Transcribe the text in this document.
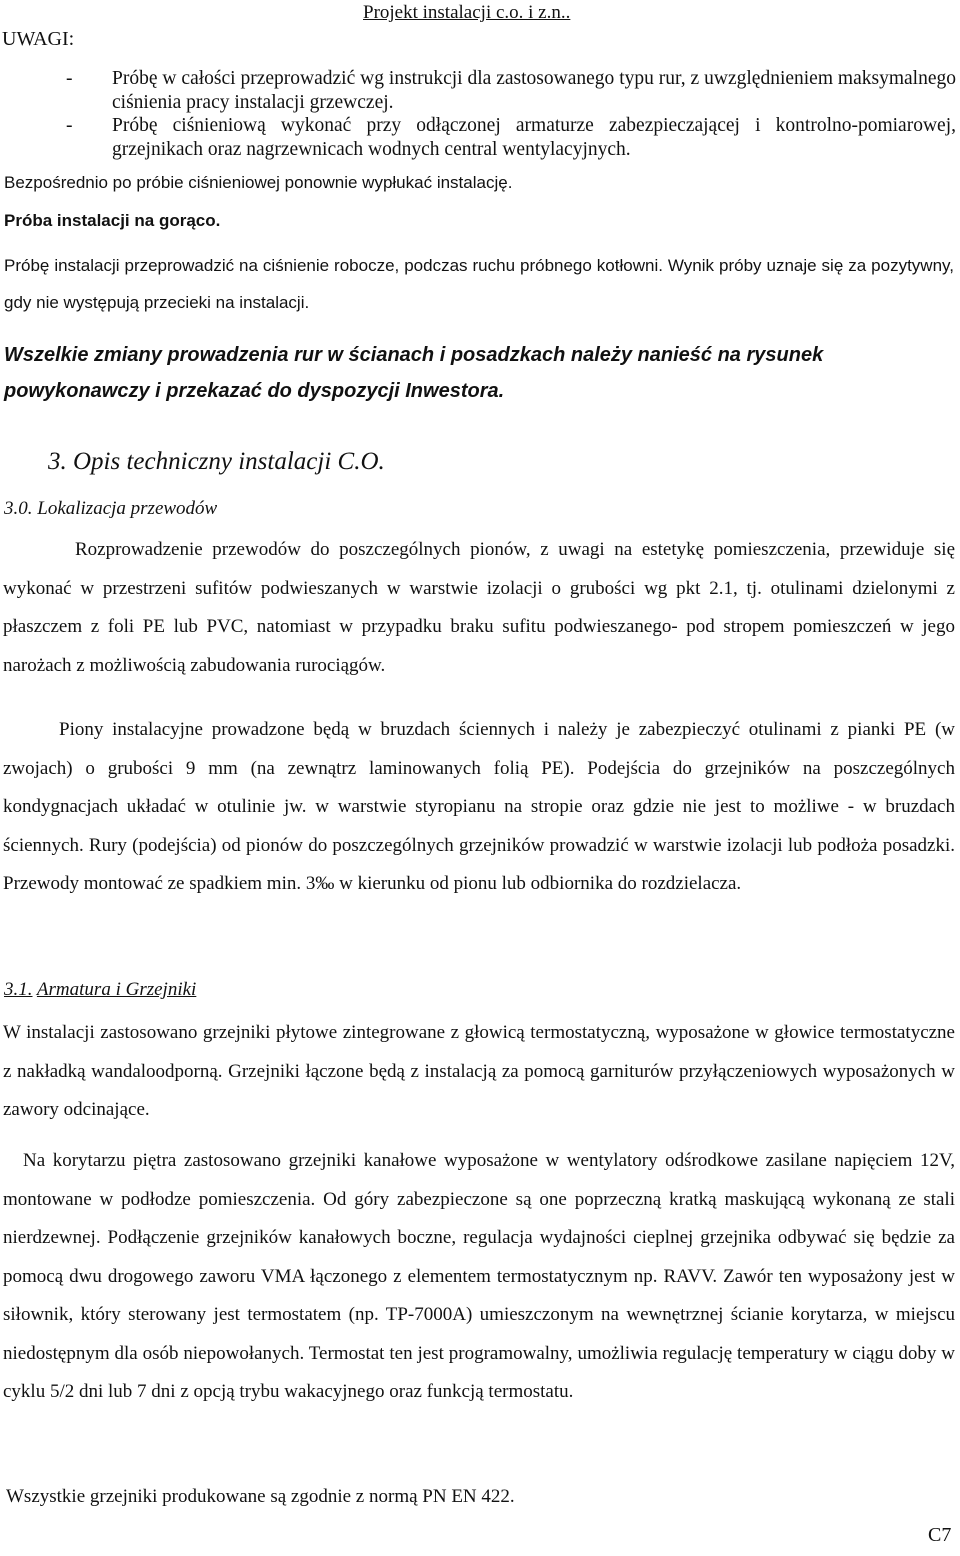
Projekt instalacji c.o. i z.n..
UWAGI:
-	Próbę w całości przeprowadzić wg instrukcji dla zastosowanego typu rur, z uwzględnieniem maksymalnego ciśnienia pracy instalacji grzewczej.
-	Próbę ciśnieniową wykonać przy odłączonej armaturze zabezpieczającej i kontrolno-pomiarowej, grzejnikach oraz nagrzewnicach wodnych central wentylacyjnych.
Bezpośrednio po próbie ciśnieniowej ponownie wypłukać instalację.
Próba instalacji na gorąco.

Próbę instalacji przeprowadzić na ciśnienie robocze, podczas ruchu próbnego kotłowni. Wynik próby uznaje się za pozytywny, gdy nie występują przecieki na instalacji.

Wszelkie zmiany prowadzenia rur w ścianach i posadzkach należy nanieść na rysunek powykonawczy i przekazać do dyspozycji Inwestora.

3. Opis techniczny instalacji C.O.
3.0. Lokalizacja przewodów

Rozprowadzenie przewodów do poszczególnych pionów, z uwagi na estetykę pomieszczenia, przewiduje się wykonać w przestrzeni sufitów podwieszanych w warstwie izolacji o grubości wg pkt 2.1, tj. otulinami dzielonymi z płaszczem z foli PE lub PVC, natomiast w przypadku braku sufitu podwieszanego- pod stropem pomieszczeń w jego narożach z możliwością zabudowania rurociągów.

Piony instalacyjne prowadzone będą w bruzdach ściennych i należy je zabezpieczyć otulinami z pianki PE (w zwojach) o grubości 9 mm (na zewnątrz laminowanych folią PE). Podejścia do grzejników na poszczególnych kondygnacjach układać w otulinie jw. w warstwie styropianu na stropie oraz gdzie nie jest to możliwe - w bruzdach ściennych. Rury (podejścia) od pionów do poszczególnych grzejników prowadzić w warstwie izolacji lub podłoża posadzki. Przewody montować ze spadkiem min. 3‰ w kierunku od pionu lub odbiornika do rozdzielacza.

3.1. Armatura i Grzejniki

W instalacji zastosowano grzejniki płytowe zintegrowane z głowicą termostatyczną, wyposażone w głowice termostatyczne z nakładką wandaloodporną. Grzejniki łączone będą z instalacją za pomocą garniturów przyłączeniowych wyposażonych w zawory odcinające.

Na korytarzu piętra zastosowano grzejniki kanałowe wyposażone w wentylatory odśrodkowe zasilane napięciem 12V, montowane w podłodze pomieszczenia. Od góry zabezpieczone są one poprzeczną kratką maskującą wykonaną ze stali nierdzewnej. Podłączenie grzejników kanałowych boczne, regulacja wydajności cieplnej grzejnika odbywać się będzie za pomocą dwu drogowego zaworu VMA łączonego z elementem termostatycznym np. RAVV. Zawór ten wyposażony jest w siłownik, który sterowany jest termostatem (np. TP-7000A) umieszczonym na wewnętrznej ścianie korytarza, w miejscu niedostępnym dla osób niepowołanych. Termostat ten jest programowalny, umożliwia regulację temperatury w ciągu doby w cyklu 5/2 dni lub 7 dni z opcją trybu wakacyjnego oraz funkcją termostatu.

Wszystkie grzejniki produkowane są zgodnie z normą PN EN 422.
C7
